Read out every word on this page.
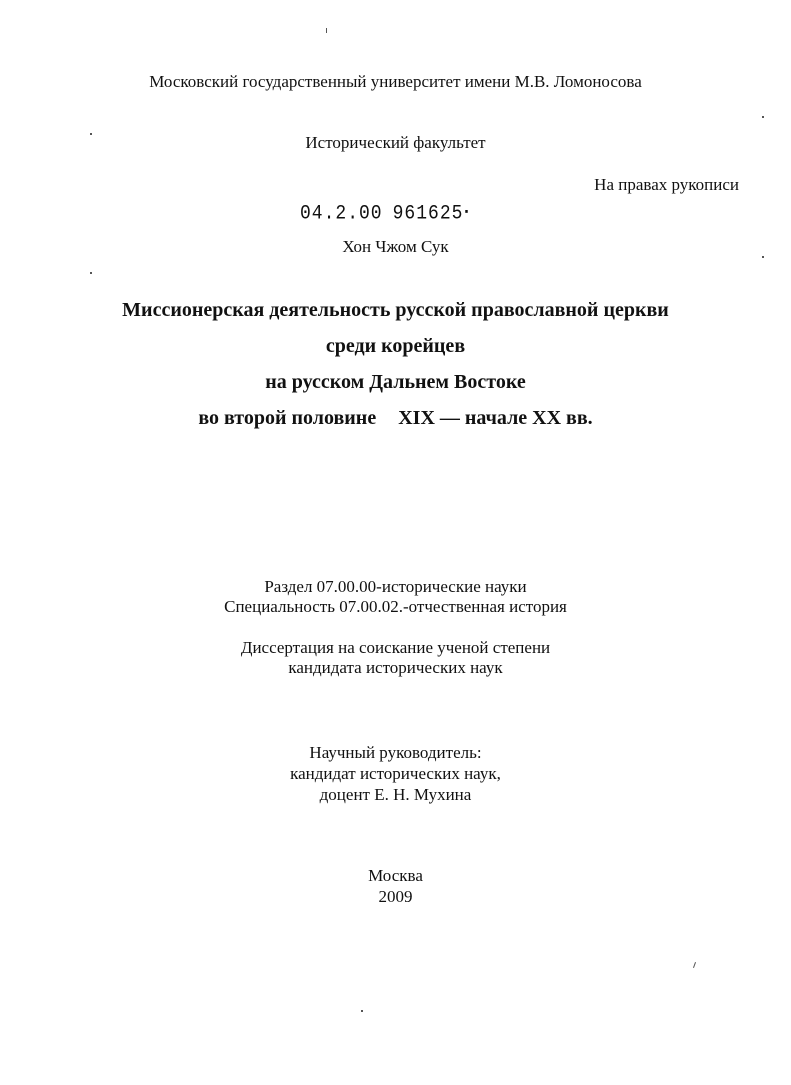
Московский государственный университет имени М.В. Ломоносова
Исторический факультет
На правах рукописи
04.2.00 961625▪
Хон Чжом Сук
Миссионерская деятельность русской православной церкви
среди корейцев
на русском Дальнем Востоке
во второй половине XIX — начале XX вв.
Раздел 07.00.00-исторические науки
Специальность 07.00.02.-отчественная история
Диссертация на соискание ученой степени
кандидата исторических наук
Научный руководитель:
кандидат исторических наук,
доцент Е. Н. Мухина
Москва
2009
